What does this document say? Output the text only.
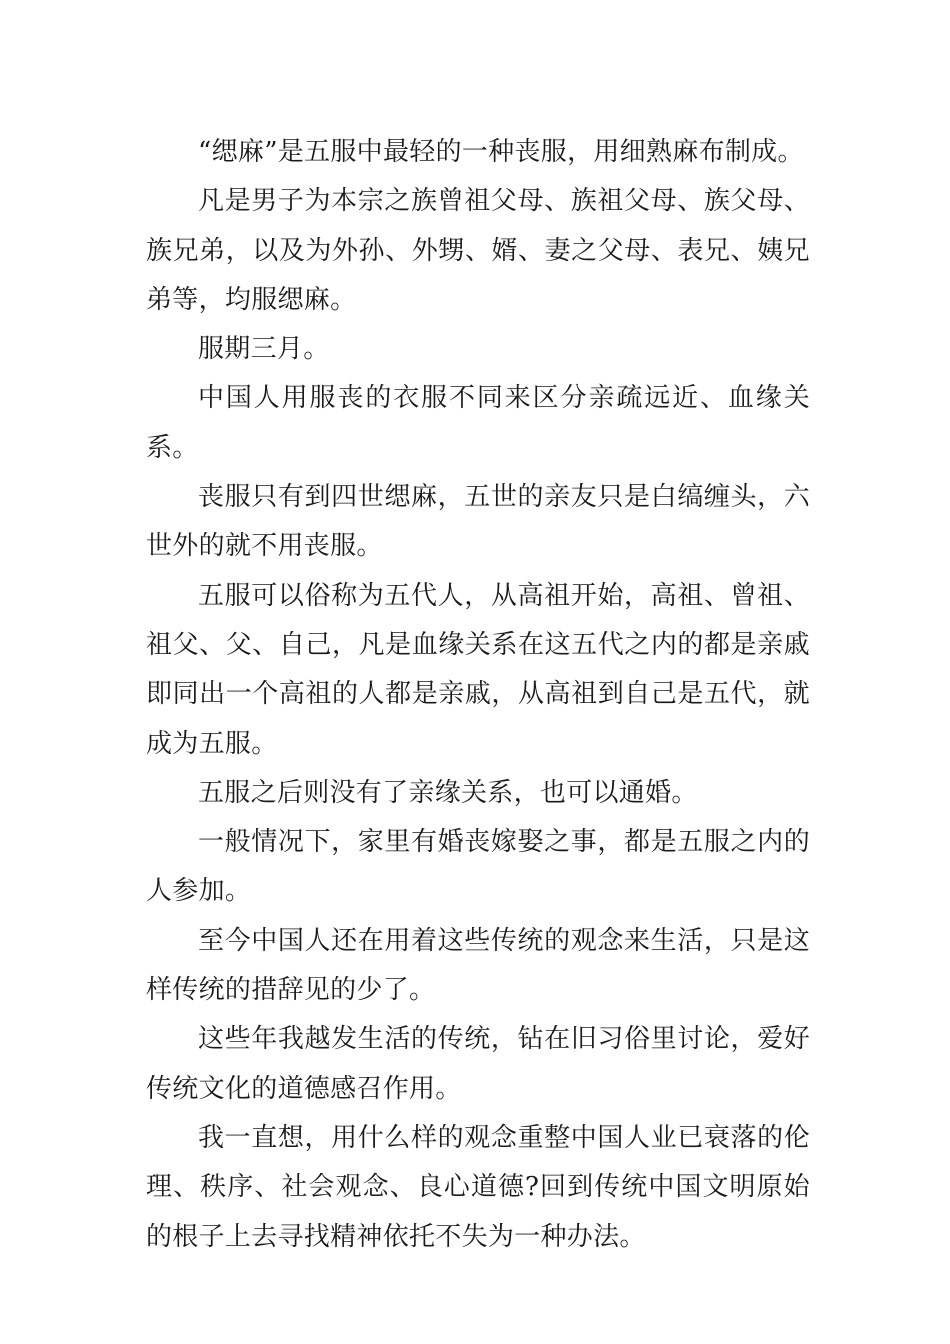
“缌麻”是五服中最轻的一种丧服，用细熟麻布制成。

凡是男子为本宗之族曾祖父母、族祖父母、族父母、族兄弟，以及为外孙、外甥、婿、妻之父母、表兄、姨兄弟等，均服缌麻。

服期三月。

中国人用服丧的衣服不同来区分亲疏远近、血缘关系。

丧服只有到四世缌麻，五世的亲友只是白缟缠头，六世外的就不用丧服。

五服可以俗称为五代人，从高祖开始，高祖、曾祖、祖父、父、自己，凡是血缘关系在这五代之内的都是亲戚即同出一个高祖的人都是亲戚，从高祖到自己是五代，就成为五服。

五服之后则没有了亲缘关系，也可以通婚。

一般情况下，家里有婚丧嫁娶之事，都是五服之内的人参加。

至今中国人还在用着这些传统的观念来生活，只是这样传统的措辞见的少了。

这些年我越发生活的传统，钻在旧习俗里讨论，爱好传统文化的道德感召作用。

我一直想，用什么样的观念重整中国人业已衰落的伦理、秩序、社会观念、良心道德?回到传统中国文明原始的根子上去寻找精神依托不失为一种办法。
